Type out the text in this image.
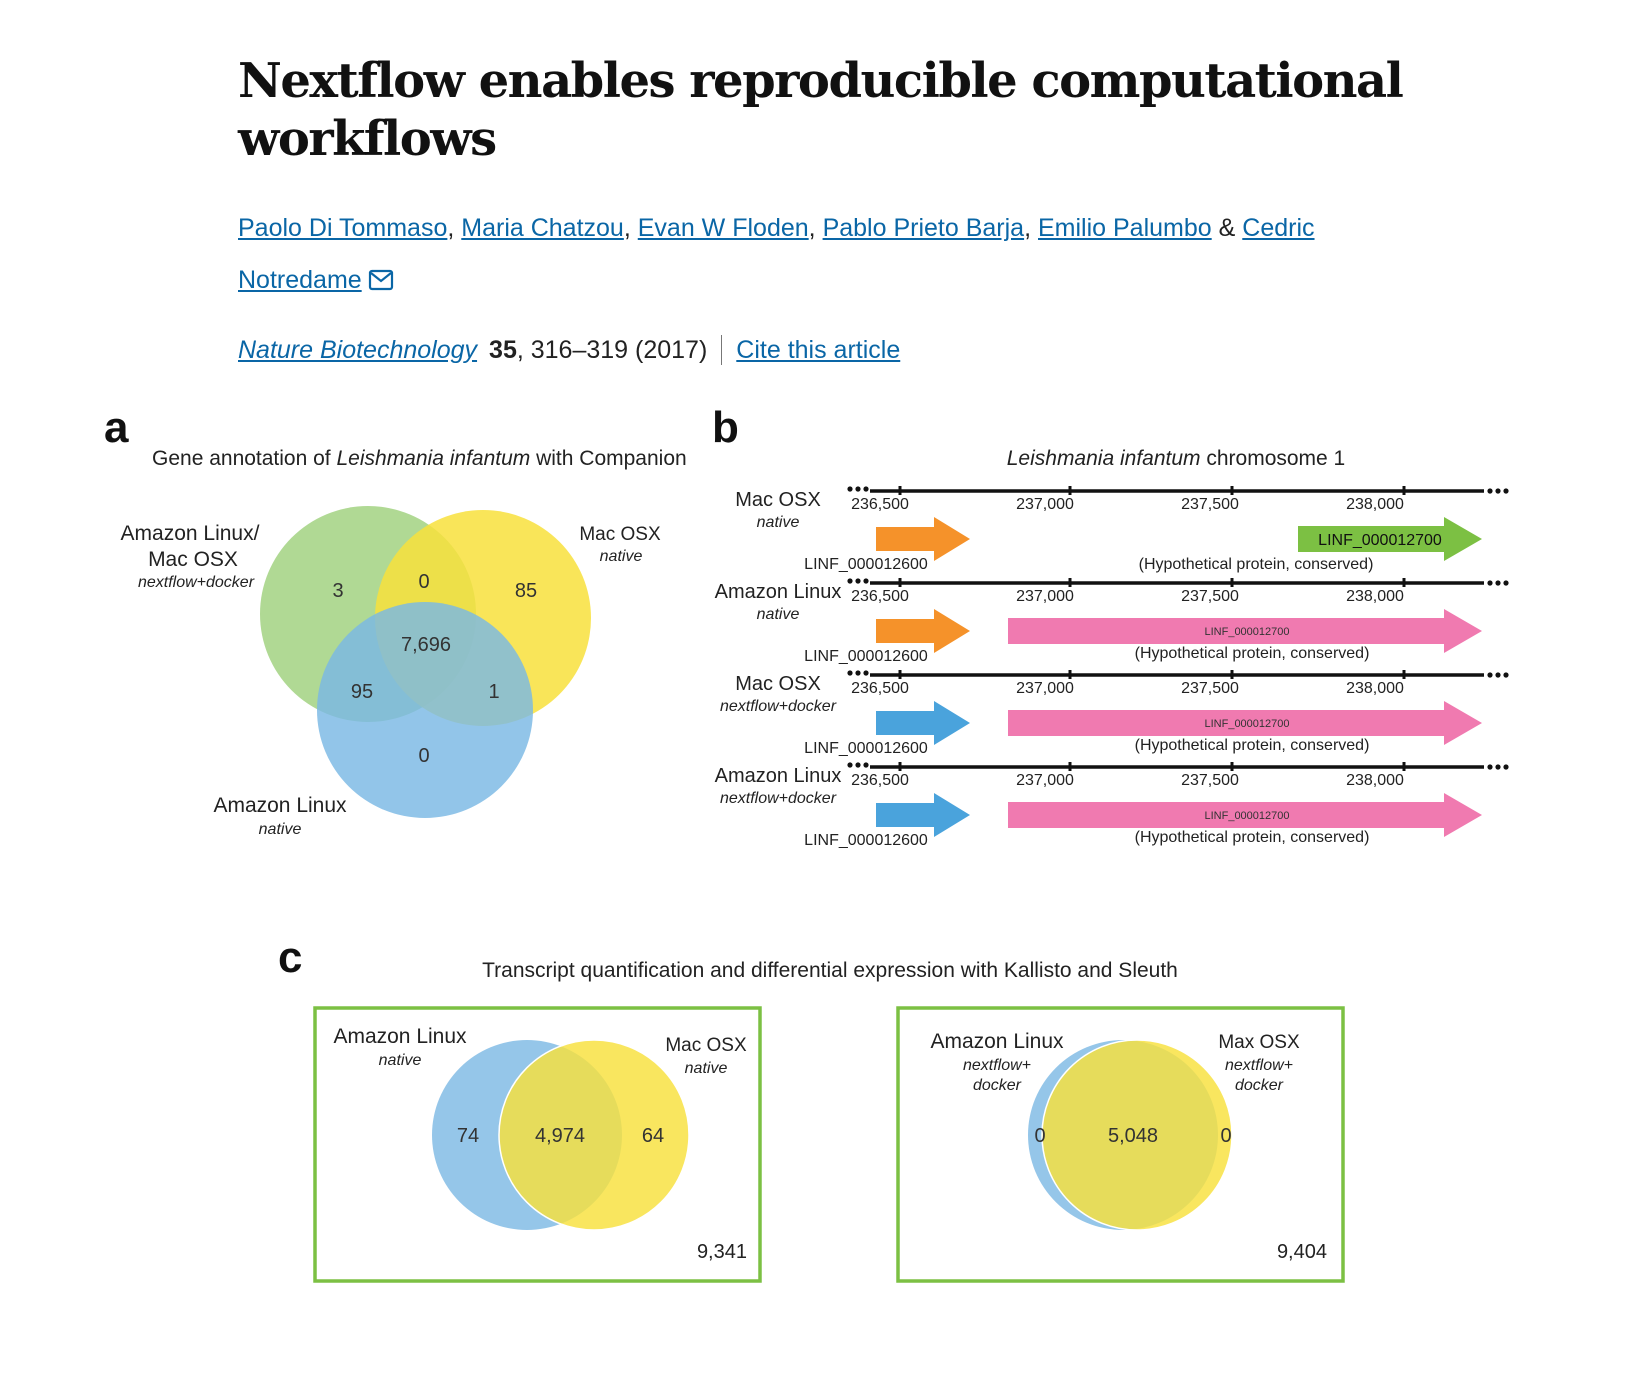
Nextflow enables reproducible computational workflows
Paolo Di Tommaso, Maria Chatzou, Evan W Floden, Pablo Prieto Barja, Emilio Palumbo & Cedric Notredame
Nature Biotechnology 35 , 316–319 (2017) Cite this article
a
Gene annotation of Leishmania infantum with Companion
Amazon Linux/
Mac OSX
nextflow+docker
Mac OSX
native
Amazon Linux
native
3	0	85
7,696
95	1
0
b
Leishmania infantum chromosome 1
Mac OSX
native
236,500	237,000	237,500	238,000
LINF_000012600
LINF_000012700
(Hypothetical protein, conserved)
Amazon Linux
native
236,500	237,000	237,500	238,000
LINF_000012600
LINF_000012700
(Hypothetical protein, conserved)
Mac OSX
nextflow+docker
236,500	237,000	237,500	238,000
LINF_000012600
LINF_000012700
(Hypothetical protein, conserved)
Amazon Linux
nextflow+docker
236,500	237,000	237,500	238,000
LINF_000012600
LINF_000012700
(Hypothetical protein, conserved)
c	Transcript quantification and differential expression with Kallisto and Sleuth
Amazon Linux
native
Mac OSX
native
74	4,974	64
9,341
Amazon Linux
nextflow+
docker
Max OSX
nextflow+
docker
0	5,048	0
9,404
